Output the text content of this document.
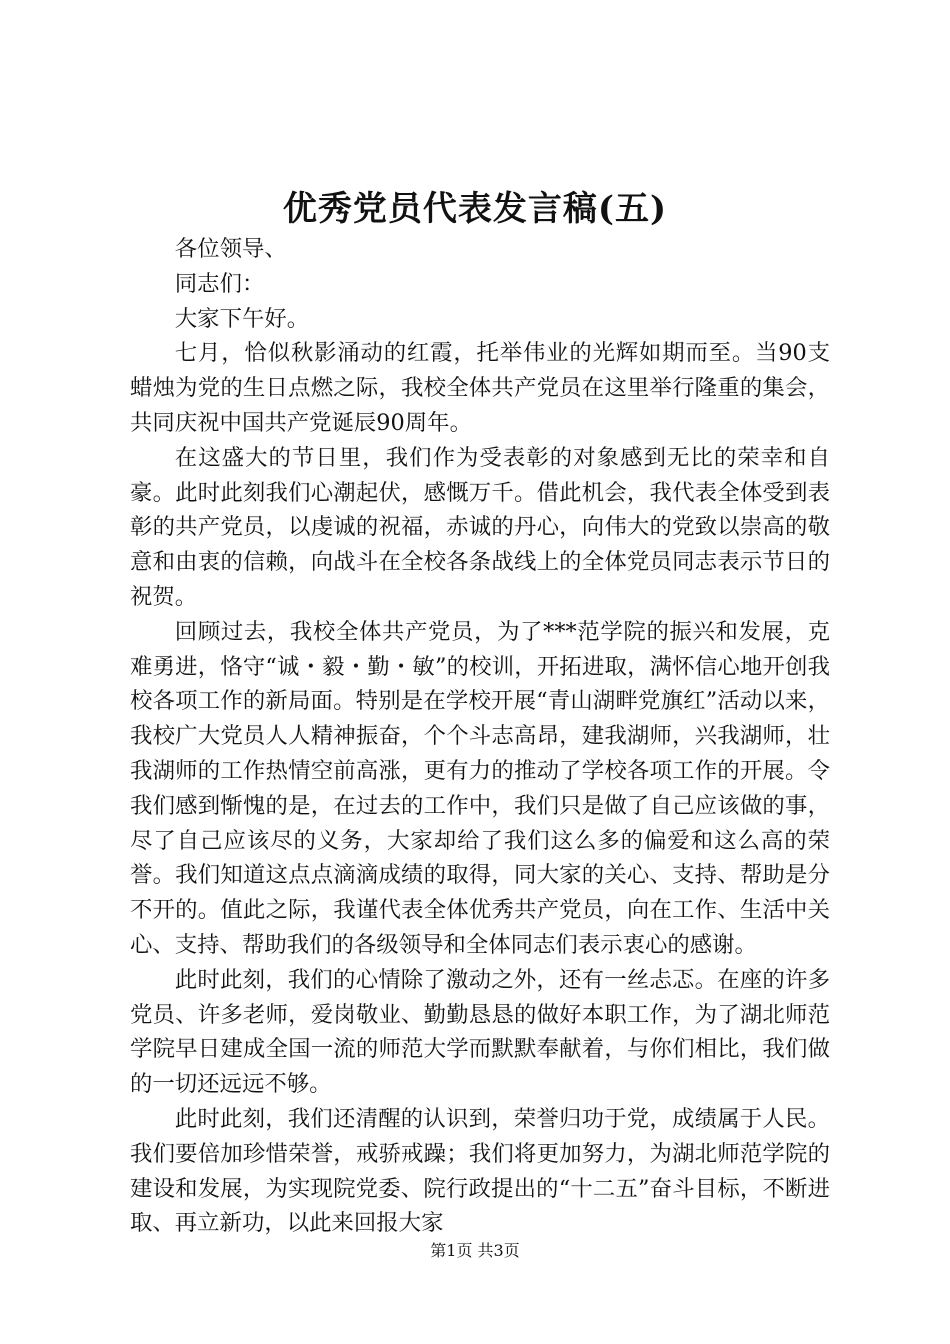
优秀党员代表发言稿(五)

各位领导、

同志们：

大家下午好。

七月，恰似秋影涌动的红霞，托举伟业的光辉如期而至。当90支蜡烛为党的生日点燃之际，我校全体共产党员在这里举行隆重的集会，共同庆祝中国共产党诞辰90周年。

在这盛大的节日里，我们作为受表彰的对象感到无比的荣幸和自豪。此时此刻我们心潮起伏，感慨万千。借此机会，我代表全体受到表彰的共产党员，以虔诚的祝福，赤诚的丹心，向伟大的党致以崇高的敬意和由衷的信赖，向战斗在全校各条战线上的全体党员同志表示节日的祝贺。

回顾过去，我校全体共产党员，为了***范学院的振兴和发展，克难勇进，恪守“诚・毅・勤・敏”的校训，开拓进取，满怀信心地开创我校各项工作的新局面。特别是在学校开展“青山湖畔党旗红”活动以来，我校广大党员人人精神振奋，个个斗志高昂，建我湖师，兴我湖师，壮我湖师的工作热情空前高涨，更有力的推动了学校各项工作的开展。令我们感到惭愧的是，在过去的工作中，我们只是做了自己应该做的事，尽了自己应该尽的义务，大家却给了我们这么多的偏爱和这么高的荣誉。我们知道这点点滴滴成绩的取得，同大家的关心、支持、帮助是分不开的。值此之际，我谨代表全体优秀共产党员，向在工作、生活中关心、支持、帮助我们的各级领导和全体同志们表示衷心的感谢。

此时此刻，我们的心情除了激动之外，还有一丝忐忑。在座的许多党员、许多老师，爱岗敬业、勤勤恳恳的做好本职工作，为了湖北师范学院早日建成全国一流的师范大学而默默奉献着，与你们相比，我们做的一切还远远不够。

此时此刻，我们还清醒的认识到，荣誉归功于党，成绩属于人民。我们要倍加珍惜荣誉，戒骄戒躁；我们将更加努力，为湖北师范学院的建设和发展，为实现院党委、院行政提出的“十二五”奋斗目标，不断进取、再立新功，以此来回报大家

第1页 共3页
